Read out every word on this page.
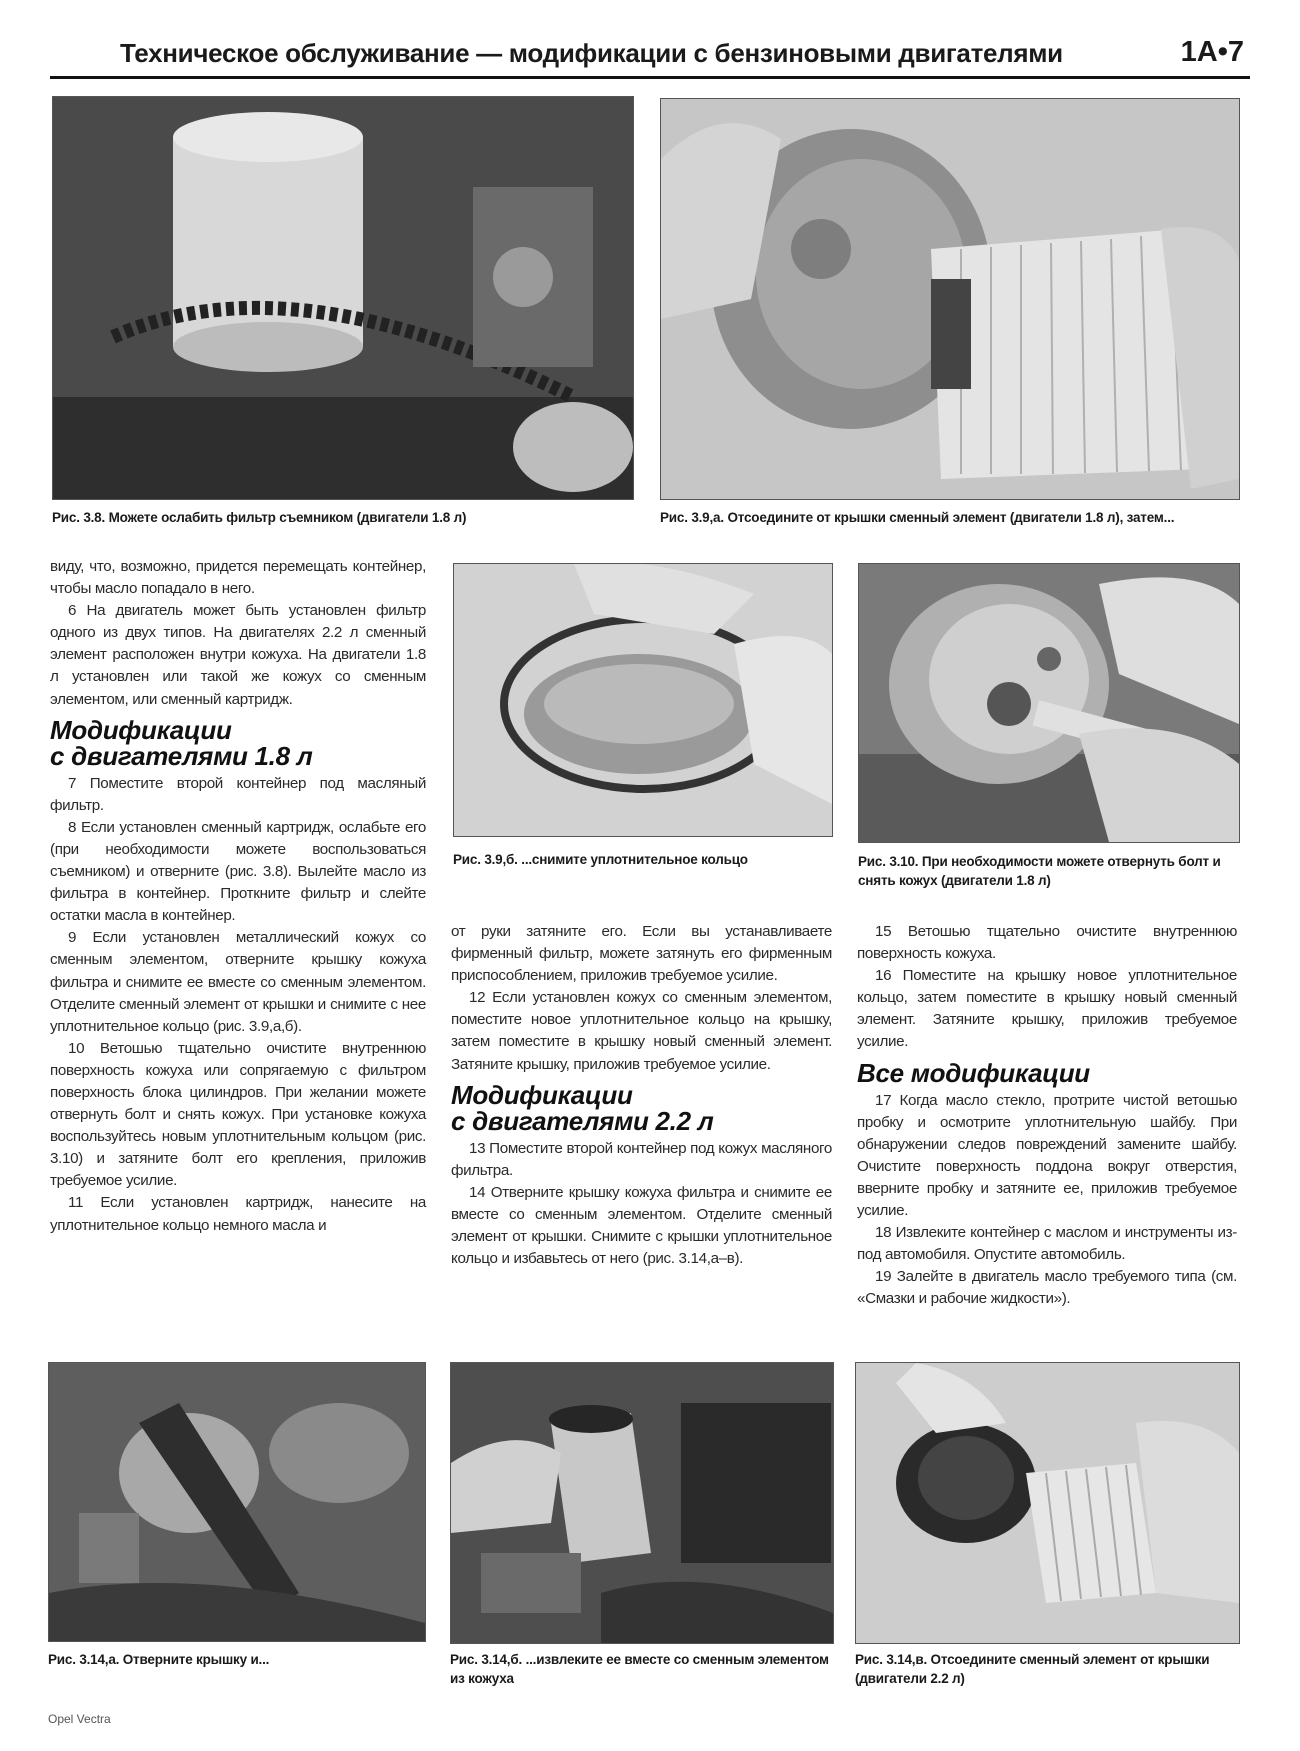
Техническое обслуживание — модификации с бензиновыми двигателями	1A•7
Рис. 3.8. Можете ослабить фильтр съемником (двигатели 1.8 л)	Рис. 3.9,а. Отсоедините от крышки сменный элемент (двигатели 1.8 л), затем...

виду, что, возможно, придется перемещать контейнер, чтобы масло попадало в него.

6 На двигатель может быть установлен фильтр одного из двух типов. На двигателях 2.2 л сменный элемент расположен внутри кожуха. На двигатели 1.8 л установлен или такой же кожух со сменным элементом, или сменный картридж.

Модификации
с двигателями 1.8 л

7 Поместите второй контейнер под масляный фильтр.

8 Если установлен сменный картридж, ослабьте его (при необходимости можете воспользоваться съемником) и отверните (рис. 3.8). Вылейте масло из фильтра в контейнер. Проткните фильтр и слейте остатки масла в контейнер.

9 Если установлен металлический кожух со сменным элементом, отверните крышку кожуха фильтра и снимите ее вместе со сменным элементом. Отделите сменный элемент от крышки и снимите с нее уплотнительное кольцо (рис. 3.9,а,б).

10 Ветошью тщательно очистите внутреннюю поверхность кожуха или сопрягаемую с фильтром поверхность блока цилиндров. При желании можете отвернуть болт и снять кожух. При установке кожуха воспользуйтесь новым уплотнительным кольцом (рис. 3.10) и затяните болт его крепления, приложив требуемое усилие.

11 Если установлен картридж, нанесите на уплотнительное кольцо немного масла и

Рис. 3.9,б. ...снимите уплотнительное кольцо	Рис. 3.10. При необходимости можете отвернуть болт и снять кожух (двигатели 1.8 л)

от руки затяните его. Если вы устанавливаете фирменный фильтр, можете затянуть его фирменным приспособлением, приложив требуемое усилие.

12 Если установлен кожух со сменным элементом, поместите новое уплотнительное кольцо на крышку, затем поместите в крышку новый сменный элемент. Затяните крышку, приложив требуемое усилие.

Модификации
с двигателями 2.2 л

13 Поместите второй контейнер под кожух масляного фильтра.

14 Отверните крышку кожуха фильтра и снимите ее вместе со сменным элементом. Отделите сменный элемент от крышки. Снимите с крышки уплотнительное кольцо и избавьтесь от него (рис. 3.14,а–в).

15 Ветошью тщательно очистите внутреннюю поверхность кожуха.

16 Поместите на крышку новое уплотнительное кольцо, затем поместите в крышку новый сменный элемент. Затяните крышку, приложив требуемое усилие.

Все модификации

17 Когда масло стекло, протрите чистой ветошью пробку и осмотрите уплотнительную шайбу. При обнаружении следов повреждений замените шайбу. Очистите поверхность поддона вокруг отверстия, вверните пробку и затяните ее, приложив требуемое усилие.

18 Извлеките контейнер с маслом и инструменты из-под автомобиля. Опустите автомобиль.

19 Залейте в двигатель масло требуемого типа (см. «Смазки и рабочие жидкости»).

Рис. 3.14,а. Отверните крышку и...	Рис. 3.14,б. ...извлеките ее вместе со сменным элементом из кожуха
Рис. 3.14,в. Отсоедините сменный элемент от крышки (двигатели 2.2 л)
Opel Vectra
